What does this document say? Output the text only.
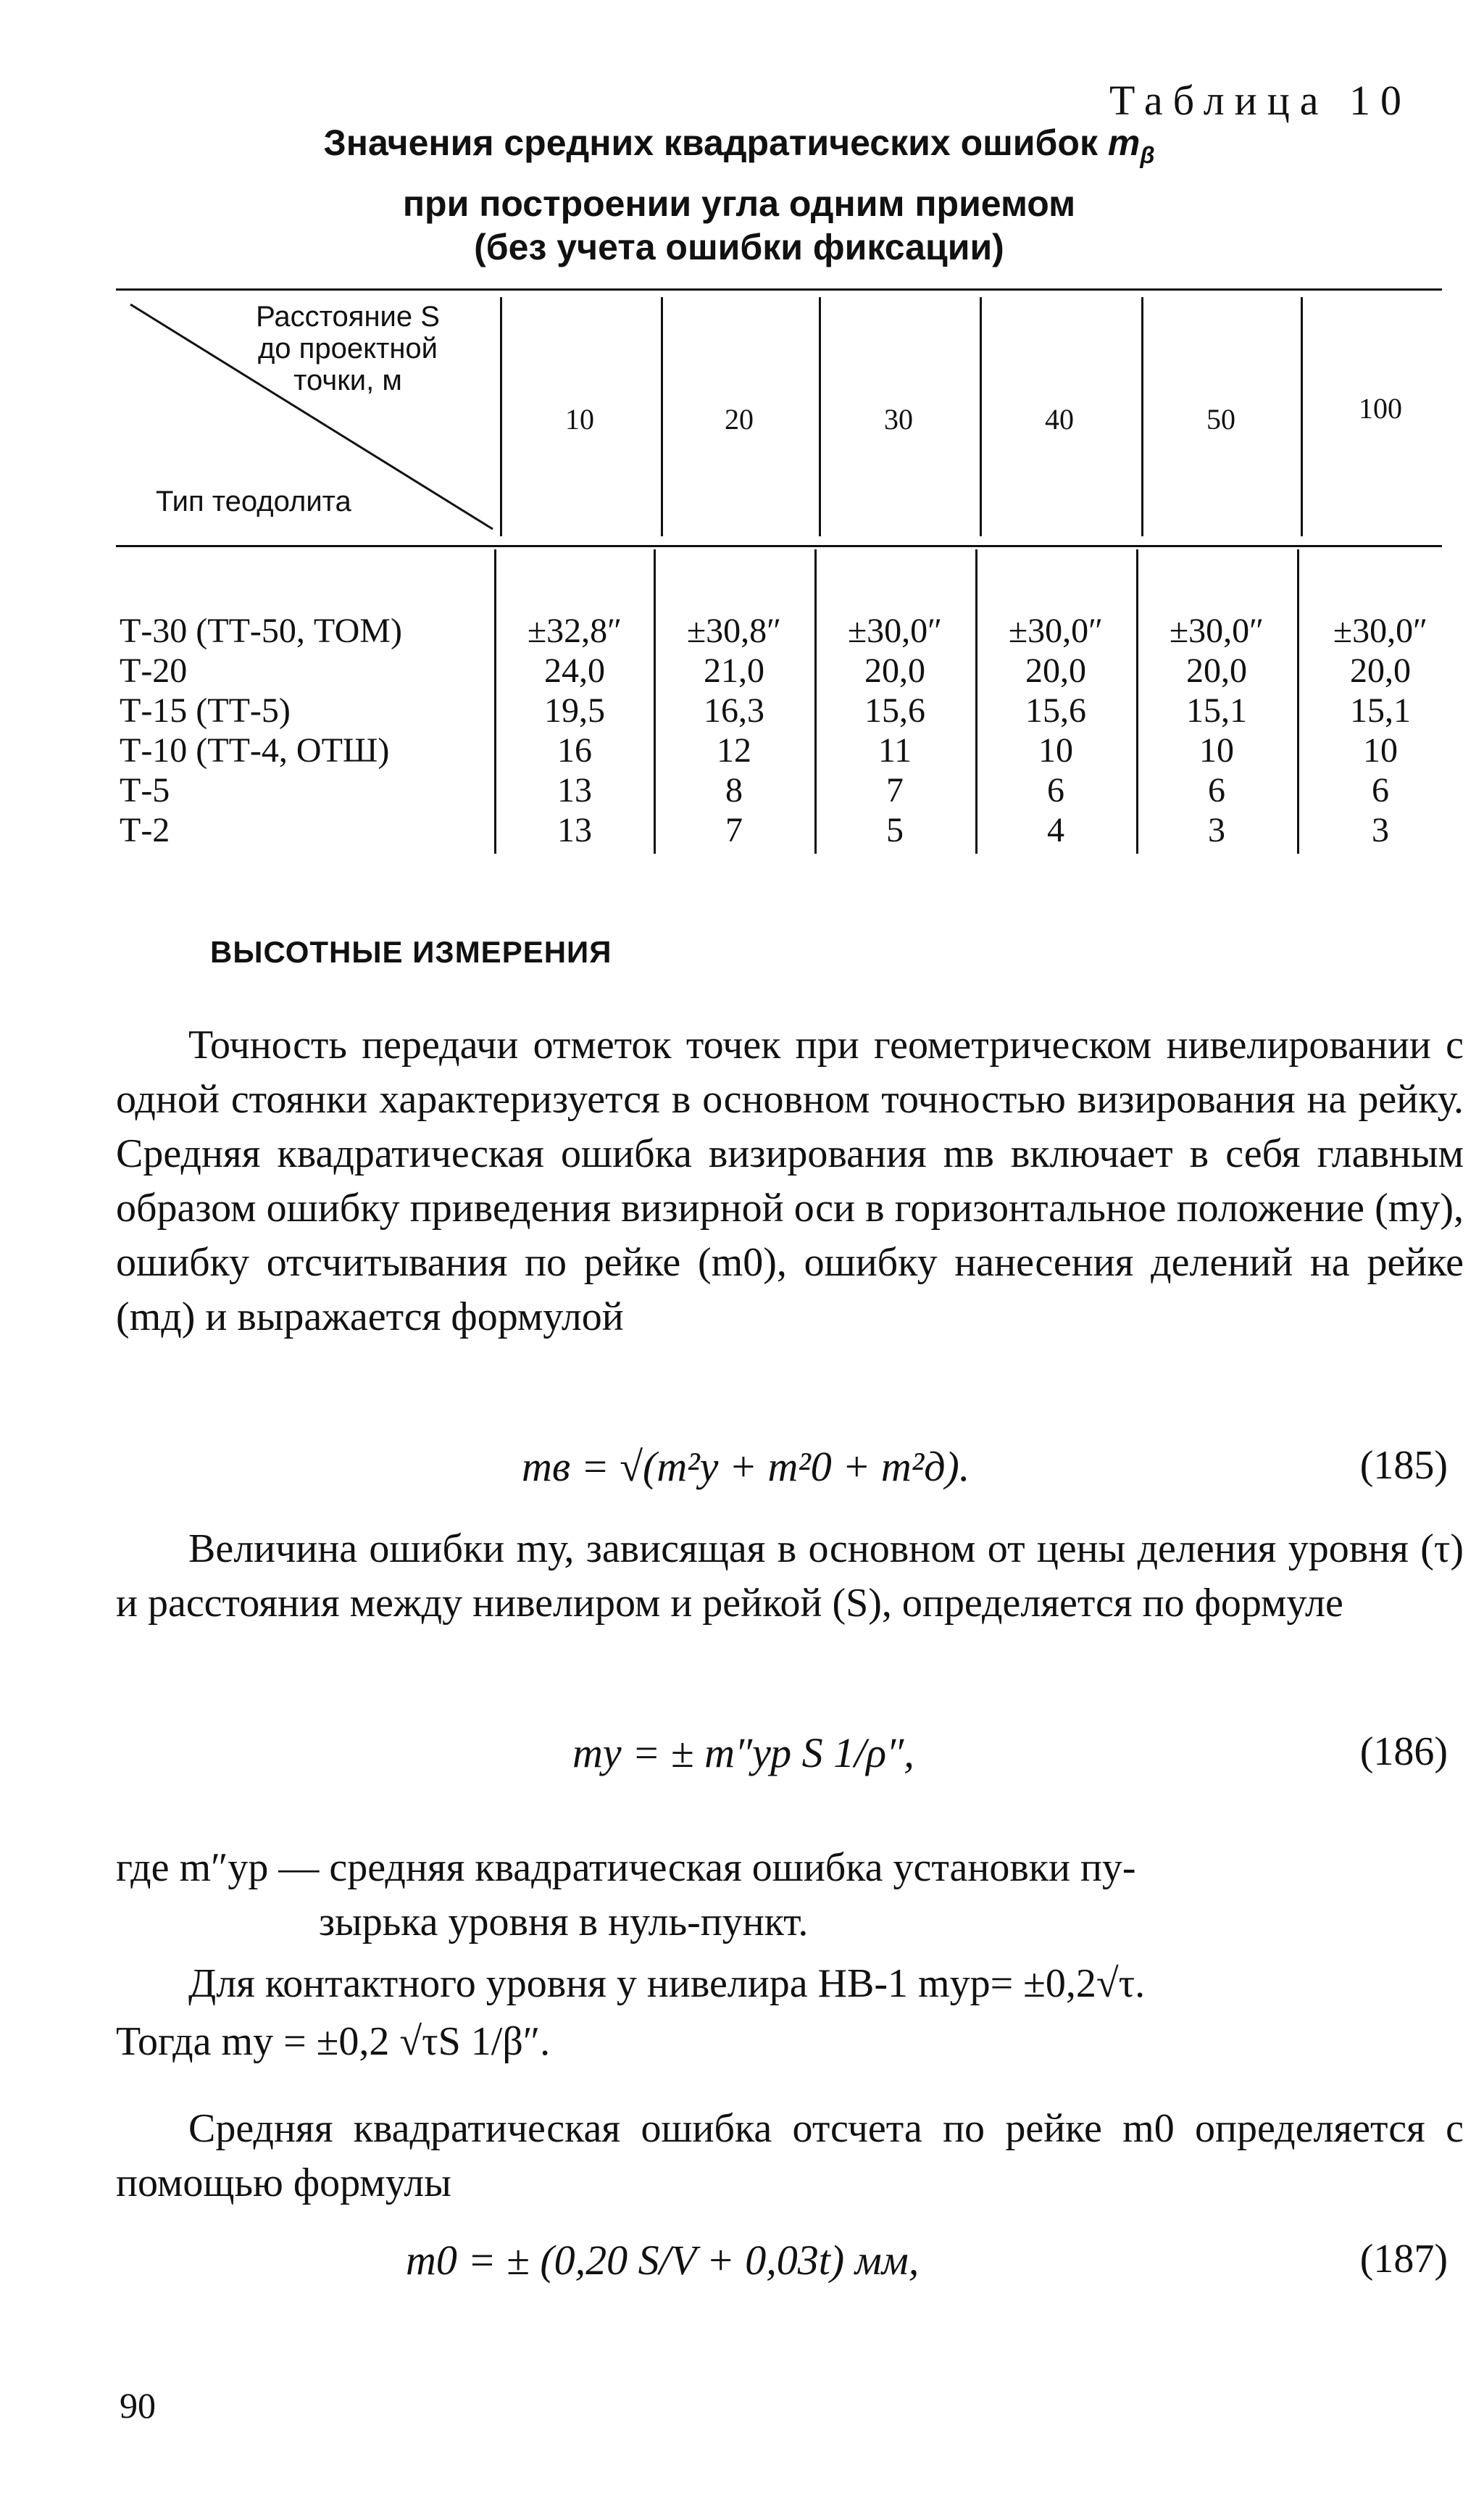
Таблица 10
Значения средних квадратических ошибок $m_\beta$
при построении угла одним приемом
(без учета ошибки фиксации)
Расстояние S
до проектной
точки, м
Тип теодолита
10	20	30	40	50	100
Т-30 (ТТ-50, ТОМ)	±32,8″	±30,8″	±30,0″	±30,0″	±30,0″	±30,0″
Т-20	24,0	21,0	20,0	20,0	20,0	20,0
Т-15 (ТТ-5)	19,5	16,3	15,6	15,6	15,1	15,1
Т-10 (ТТ-4, ОТШ)	16	12	11	10	10	10
Т-5	13	8	7	6	6	6
Т-2	13	7	5	4	3	3
ВЫСОТНЫЕ ИЗМЕРЕНИЯ
Точность передачи отметок точек при геометрическом нивелировании с одной стоянки характеризуется в основном точностью визирования на рейку. Средняя квадратическая ошибка визирования mв включает в себя главным образом ошибку приведения визирной оси в горизонтальное положение (mу), ошибку отсчитывания по рейке (m0), ошибку нанесения делений на рейке (mд) и выражается формулой
mв = √(m²у + m²0 + m²д).	(185)
Величина ошибки mу, зависящая в основном от цены деления уровня (τ) и расстояния между нивелиром и рейкой (S), определяется по формуле
mу = ± m″ур S 1/ρ″,	(186)
где m″ур — средняя квадратическая ошибка установки пу-
зырька уровня в нуль-пункт.
Для контактного уровня у нивелира НВ-1 mур= ±0,2√τ.
Тогда mу = ±0,2 √τS 1/β″.
Средняя квадратическая ошибка отсчета по рейке m0 определяется с помощью формулы
m0 = ± (0,20 S/V + 0,03t) мм,	(187)
90
